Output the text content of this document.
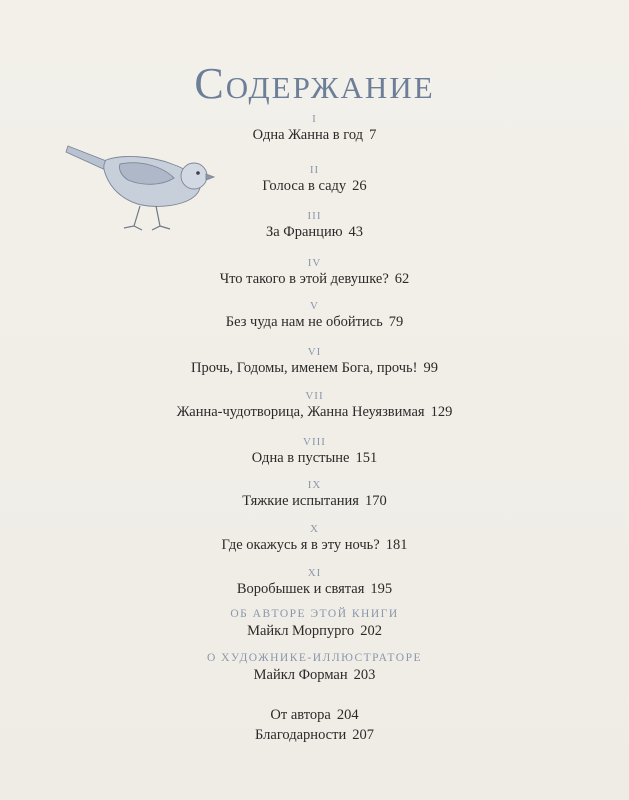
Содержание
I
Одна Жанна в год 7
II
Голоса в саду 26
III
За Францию 43
IV
Что такого в этой девушке? 62
V
Без чуда нам не обойтись 79
VI
Прочь, Годомы, именем Бога, прочь! 99
VII
Жанна-чудотворица, Жанна Неуязвимая 129
VIII
Одна в пустыне 151
IX
Тяжкие испытания 170
X
Где окажусь я в эту ночь? 181
XI
Воробышек и святая 195
ОБ АВТОРЕ ЭТОЙ КНИГИ
Майкл Морпурго 202
О ХУДОЖНИКЕ-ИЛЛЮСТРАТОРЕ
Майкл Форман 203
От автора 204
Благодарности 207
